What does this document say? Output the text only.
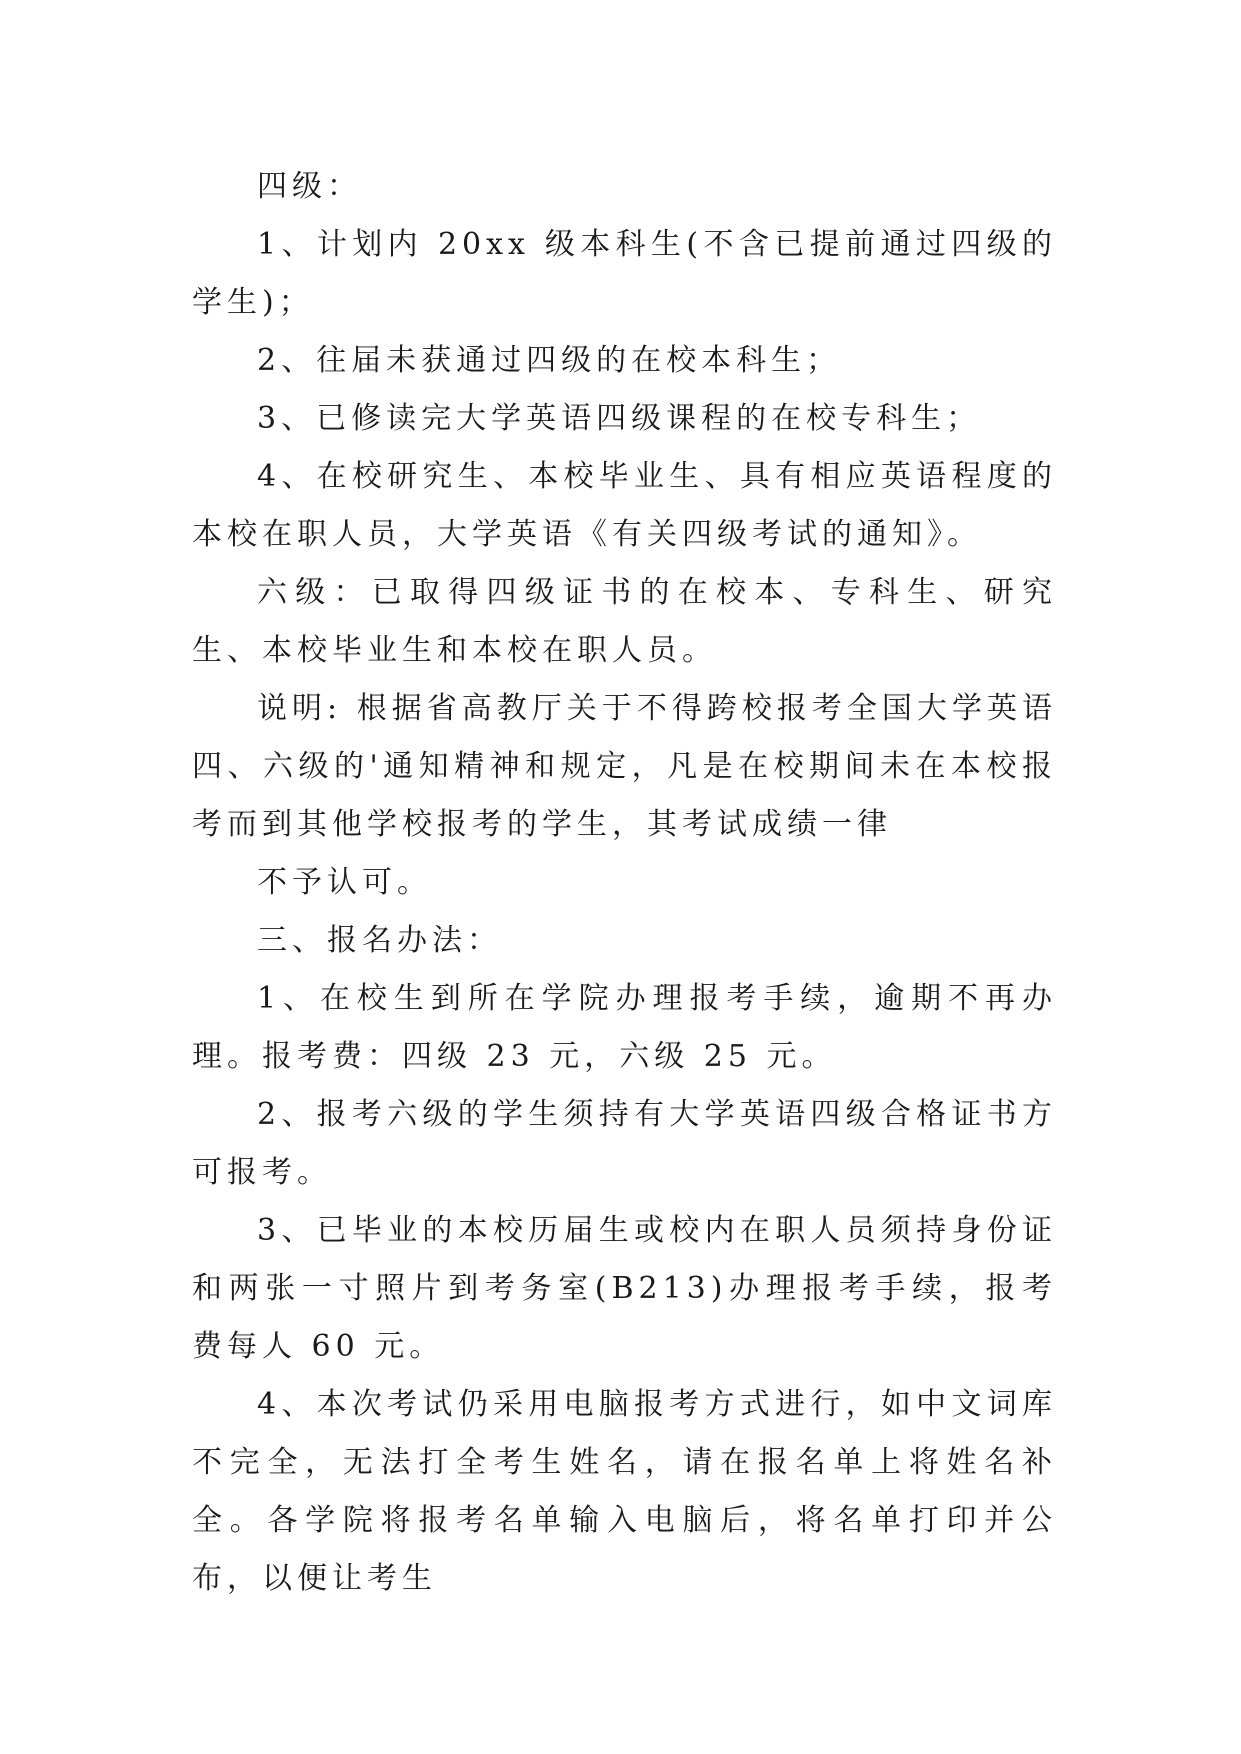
四级：

1、计划内 20xx 级本科生(不含已提前通过四级的学生)；

2、往届未获通过四级的在校本科生；

3、已修读完大学英语四级课程的在校专科生；

4、在校研究生、本校毕业生、具有相应英语程度的本校在职人员，大学英语《有关四级考试的通知》。

六级：已取得四级证书的在校本、专科生、研究生、本校毕业生和本校在职人员。

说明: 根据省高教厅关于不得跨校报考全国大学英语四、六级的'通知精神和规定，凡是在校期间未在本校报考而到其他学校报考的学生，其考试成绩一律

不予认可。

三、报名办法：

1、在校生到所在学院办理报考手续，逾期不再办理。报考费：四级 23 元，六级 25 元。

2、报考六级的学生须持有大学英语四级合格证书方可报考。

3、已毕业的本校历届生或校内在职人员须持身份证和两张一寸照片到考务室(B213)办理报考手续，报考费每人 60 元。

4、本次考试仍采用电脑报考方式进行，如中文词库不完全，无法打全考生姓名，请在报名单上将姓名补全。各学院将报考名单输入电脑后，将名单打印并公布，以便让考生
